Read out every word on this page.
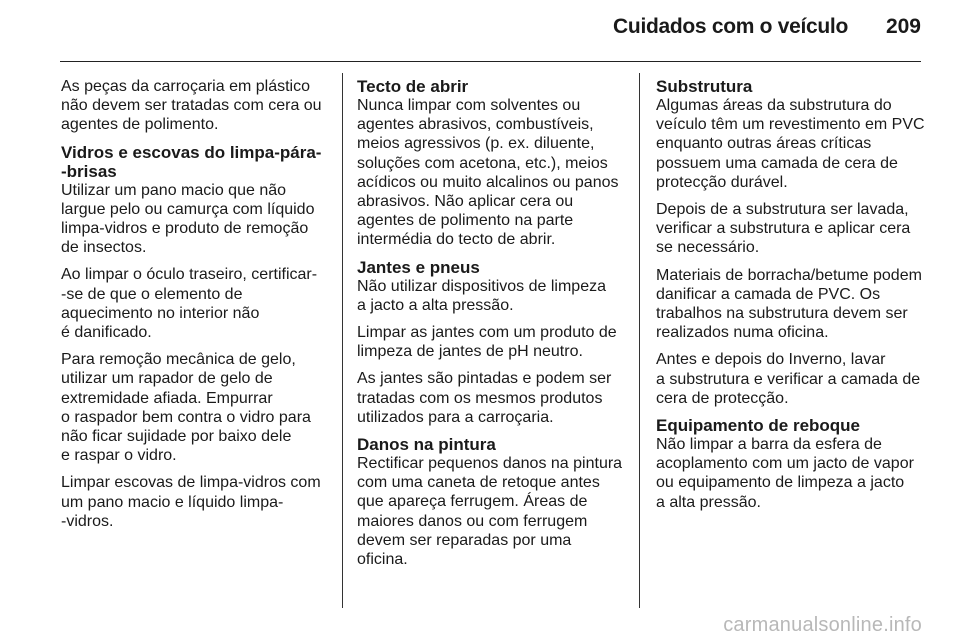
Cuidados com o veículo 209

As peças da carroçaria em plástico
não devem ser tratadas com cera ou
agentes de polimento.

Vidros e escovas do limpa-pára-
-brisas

Utilizar um pano macio que não
largue pelo ou camurça com líquido
limpa-vidros e produto de remoção
de insectos.

Ao limpar o óculo traseiro, certificar-
-se de que o elemento de
aquecimento no interior não
é danificado.

Para remoção mecânica de gelo,
utilizar um rapador de gelo de
extremidade afiada. Empurrar
o raspador bem contra o vidro para
não ficar sujidade por baixo dele
e raspar o vidro.

Limpar escovas de limpa-vidros com
um pano macio e líquido limpa-
-vidros.

Tecto de abrir

Nunca limpar com solventes ou
agentes abrasivos, combustíveis,
meios agressivos (p. ex. diluente,
soluções com acetona, etc.), meios
acídicos ou muito alcalinos ou panos
abrasivos. Não aplicar cera ou
agentes de polimento na parte
intermédia do tecto de abrir.

Jantes e pneus

Não utilizar dispositivos de limpeza
a jacto a alta pressão.

Limpar as jantes com um produto de
limpeza de jantes de pH neutro.

As jantes são pintadas e podem ser
tratadas com os mesmos produtos
utilizados para a carroçaria.

Danos na pintura

Rectificar pequenos danos na pintura
com uma caneta de retoque antes
que apareça ferrugem. Áreas de
maiores danos ou com ferrugem
devem ser reparadas por uma
oficina.

Substrutura

Algumas áreas da substrutura do
veículo têm um revestimento em PVC
enquanto outras áreas críticas
possuem uma camada de cera de
protecção durável.

Depois de a substrutura ser lavada,
verificar a substrutura e aplicar cera
se necessário.

Materiais de borracha/betume podem
danificar a camada de PVC. Os
trabalhos na substrutura devem ser
realizados numa oficina.

Antes e depois do Inverno, lavar
a substrutura e verificar a camada de
cera de protecção.

Equipamento de reboque

Não limpar a barra da esfera de
acoplamento com um jacto de vapor
ou equipamento de limpeza a jacto
a alta pressão.

carmanualsonline.info
